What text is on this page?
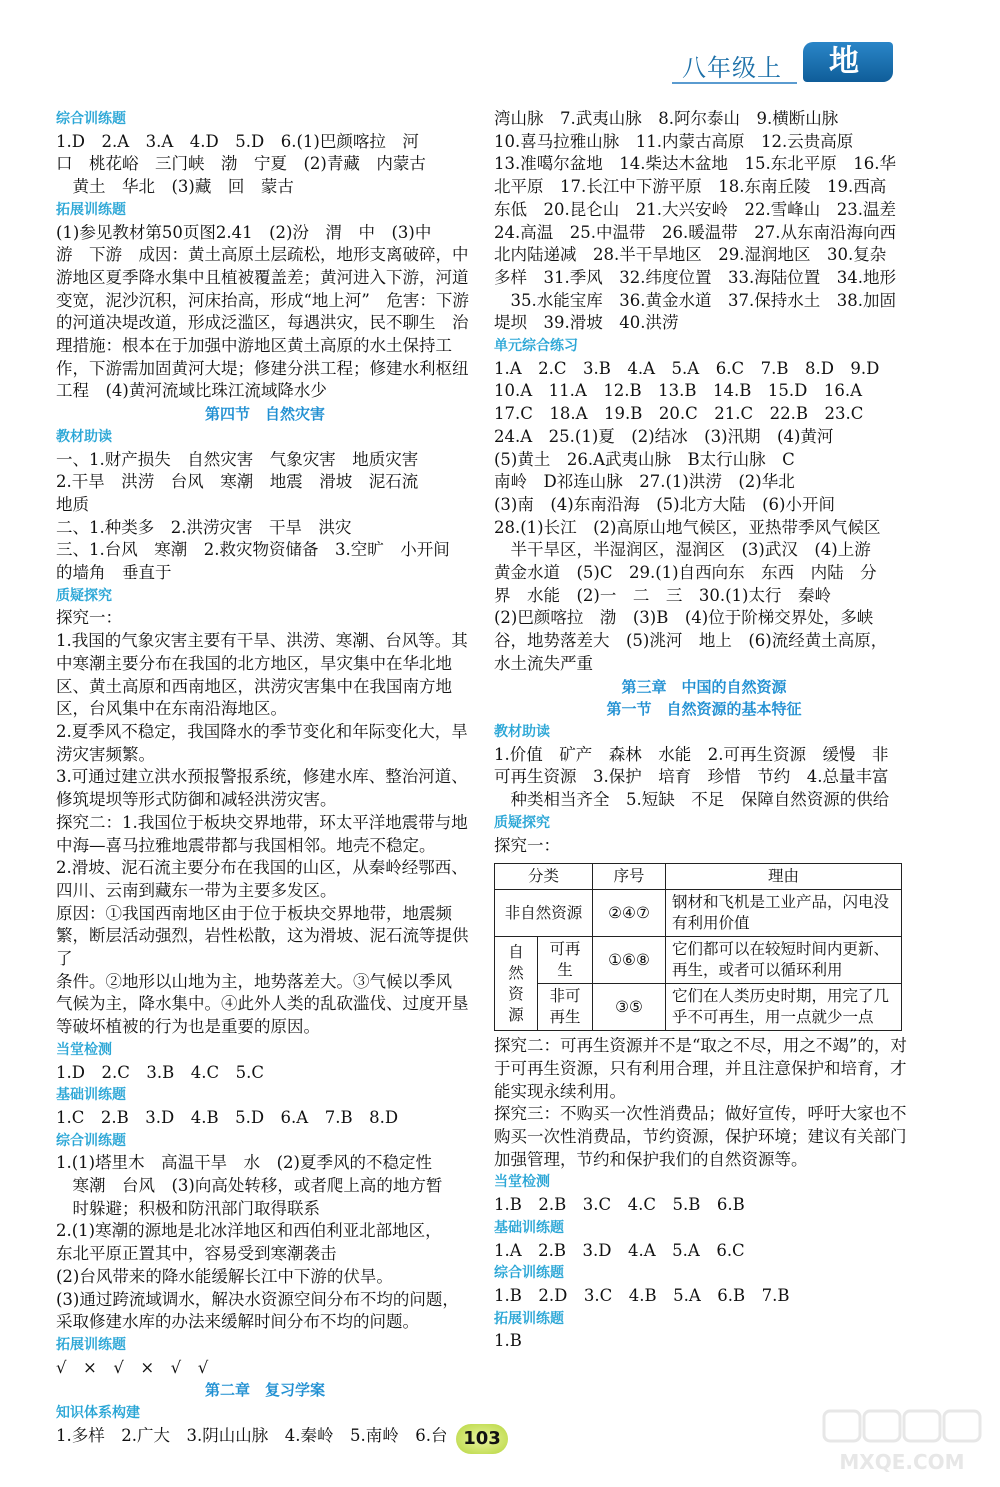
八年级上	地 理
综合训练题
1.D　2.A　3.A　4.D　5.D　6.(1)巴颜喀拉　河
口　桃花峪　三门峡　渤　宁夏　(2)青藏　内蒙古
　黄土　华北　(3)藏　回　蒙古
拓展训练题
(1)参见教材第50页图2.41　(2)汾　渭　中　(3)中
游　下游　成因：黄土高原土层疏松，地形支离破碎，中
游地区夏季降水集中且植被覆盖差；黄河进入下游，河道
变宽，泥沙沉积，河床抬高，形成“地上河”　危害：下游
的河道决堤改道，形成泛滥区，每遇洪灾，民不聊生　治
理措施：根本在于加强中游地区黄土高原的水土保持工
作，下游需加固黄河大堤；修建分洪工程；修建水利枢纽
工程　(4)黄河流域比珠江流域降水少
第四节　自然灾害
教材助读
一、1.财产损失　自然灾害　气象灾害　地质灾害
2.干旱　洪涝　台风　寒潮　地震　滑坡　泥石流
地质
二、1.种类多　2.洪涝灾害　干旱　洪灾
三、1.台风　寒潮　2.救灾物资储备　3.空旷　小开间
的墙角　垂直于
质疑探究
探究一：
1.我国的气象灾害主要有干旱、洪涝、寒潮、台风等。其
中寒潮主要分布在我国的北方地区，旱灾集中在华北地
区、黄土高原和西南地区，洪涝灾害集中在我国南方地
区，台风集中在东南沿海地区。
2.夏季风不稳定，我国降水的季节变化和年际变化大，旱
涝灾害频繁。
3.可通过建立洪水预报警报系统，修建水库、整治河道、
修筑堤坝等形式防御和减轻洪涝灾害。
探究二：1.我国位于板块交界地带，环太平洋地震带与地
中海—喜马拉雅地震带都与我国相邻。地壳不稳定。
2.滑坡、泥石流主要分布在我国的山区，从秦岭经鄂西、
四川、云南到藏东一带为主要多发区。
原因：①我国西南地区由于位于板块交界地带，地震频
繁，断层活动强烈，岩性松散，这为滑坡、泥石流等提供了
条件。②地形以山地为主，地势落差大。③气候以季风
气候为主，降水集中。④此外人类的乱砍滥伐、过度开垦
等破坏植被的行为也是重要的原因。
当堂检测
1.D　2.C　3.B　4.C　5.C
基础训练题
1.C　2.B　3.D　4.B　5.D　6.A　7.B　8.D
综合训练题
1.(1)塔里木　高温干旱　水　(2)夏季风的不稳定性
　寒潮　台风　(3)向高处转移，或者爬上高的地方暂
　时躲避；积极和防汛部门取得联系
2.(1)寒潮的源地是北冰洋地区和西伯利亚北部地区，
东北平原正置其中，容易受到寒潮袭击
(2)台风带来的降水能缓解长江中下游的伏旱。
(3)通过跨流域调水，解决水资源空间分布不均的问题，
采取修建水库的办法来缓解时间分布不均的问题。
拓展训练题
√　×　√　×　√　√
第二章　复习学案
知识体系构建
1.多样　2.广大　3.阴山山脉　4.秦岭　5.南岭　6.台
湾山脉　7.武夷山脉　8.阿尔泰山　9.横断山脉
10.喜马拉雅山脉　11.内蒙古高原　12.云贵高原
13.准噶尔盆地　14.柴达木盆地　15.东北平原　16.华
北平原　17.长江中下游平原　18.东南丘陵　19.西高
东低　20.昆仑山　21.大兴安岭　22.雪峰山　23.温差
24.高温　25.中温带　26.暖温带　27.从东南沿海向西
北内陆递减　28.半干旱地区　29.湿润地区　30.复杂
多样　31.季风　32.纬度位置　33.海陆位置　34.地形
　35.水能宝库　36.黄金水道　37.保持水土　38.加固
堤坝　39.滑坡　40.洪涝
单元综合练习
1.A　2.C　3.B　4.A　5.A　6.C　7.B　8.D　9.D
10.A　11.A　12.B　13.B　14.B　15.D　16.A
17.C　18.A　19.B　20.C　21.C　22.B　23.C
24.A　25.(1)夏　(2)结冰　(3)汛期　(4)黄河
(5)黄土　26.A武夷山脉　B太行山脉　C
南岭　D祁连山脉　27.(1)洪涝　(2)华北
(3)南　(4)东南沿海　(5)北方大陆　(6)小开间
28.(1)长江　(2)高原山地气候区，亚热带季风气候区
　半干旱区，半湿润区，湿润区　(3)武汉　(4)上游
黄金水道　(5)C　29.(1)自西向东　东西　内陆　分
界　水能　(2)一　二　三　30.(1)太行　秦岭
(2)巴颜喀拉　渤　(3)B　(4)位于阶梯交界处，多峡
谷，地势落差大　(5)洮河　地上　(6)流经黄土高原，
水土流失严重
第三章　中国的自然资源
第一节　自然资源的基本特征
教材助读
1.价值　矿产　森林　水能　2.可再生资源　缓慢　非
可再生资源　3.保护　培育　珍惜　节约　4.总量丰富
　种类相当齐全　5.短缺　不足　保障自然资源的供给
质疑探究
探究一：
分类		序号	理由
非自然资源		②④⑦	钢材和飞机是工业产品，闪电没有利用价值
自然资源	可再生	①⑥⑧	它们都可以在较短时间内更新、再生，或者可以循环利用
	非可再生	③⑤	它们在人类历史时期，用完了几乎不可再生，用一点就少一点
探究二：可再生资源并不是“取之不尽，用之不竭”的，对
于可再生资源，只有利用合理，并且注意保护和培育，才
能实现永续利用。
探究三：不购买一次性消费品；做好宣传，呼吁大家也不
购买一次性消费品，节约资源，保护环境；建议有关部门
加强管理，节约和保护我们的自然资源等。
当堂检测
1.B　2.B　3.C　4.C　5.B　6.B
基础训练题
1.A　2.B　3.D　4.A　5.A　6.C
综合训练题
1.B　2.D　3.C　4.B　5.A　6.B　7.B
拓展训练题
1.B
103
MXQE.COM
